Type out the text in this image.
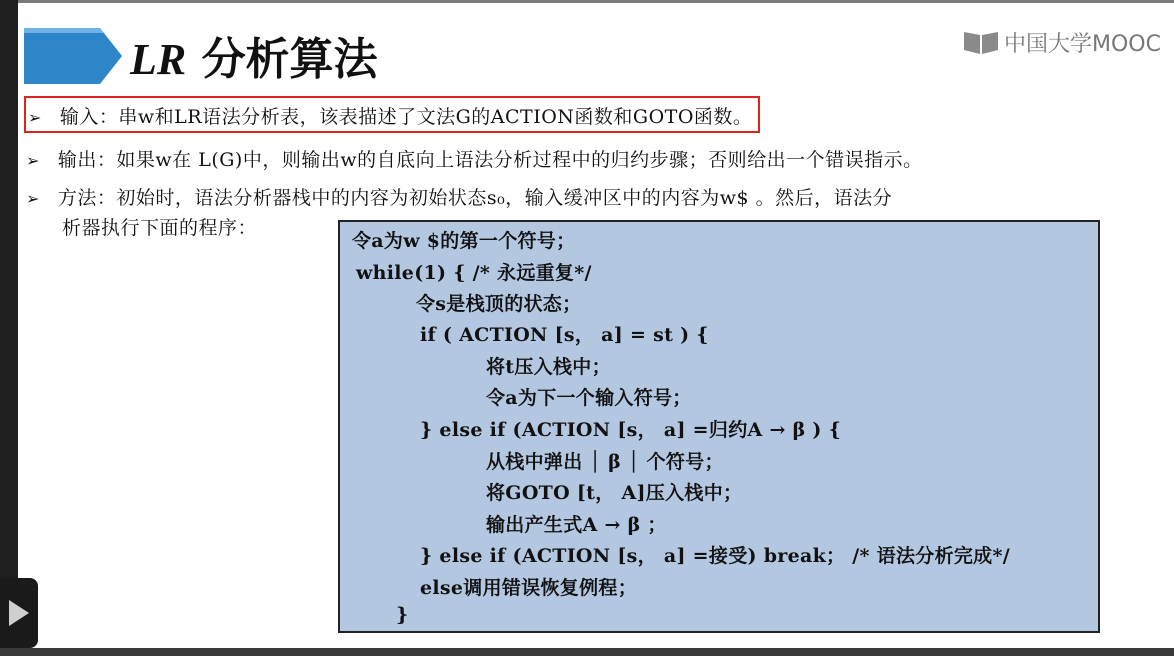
LR 分析算法	中国大学MOOC
➢ 输入：串w和LR语法分析表，该表描述了文法G的ACTION函数和GOTO函数。
➢ 输出：如果w在 L(G)中，则输出w的自底向上语法分析过程中的归约步骤；否则给出一个错误指示。
➢ 方法：初始时，语法分析器栈中的内容为初始状态s₀，输入缓冲区中的内容为w$ 。然后，语法分
析器执行下面的程序：
令a为w $的第一个符号；
while(1) { /* 永远重复*/
令s是栈顶的状态；
if ( ACTION [s， a] = st ) {
将t压入栈中；
令a为下一个输入符号；
} else if (ACTION [s， a] =归约A → β ) {
从栈中弹出 │ β │ 个符号；
将GOTO [t， A]压入栈中；
输出产生式A → β ；
} else if (ACTION [s， a] =接受) break； /* 语法分析完成*/
else调用错误恢复例程；
}
